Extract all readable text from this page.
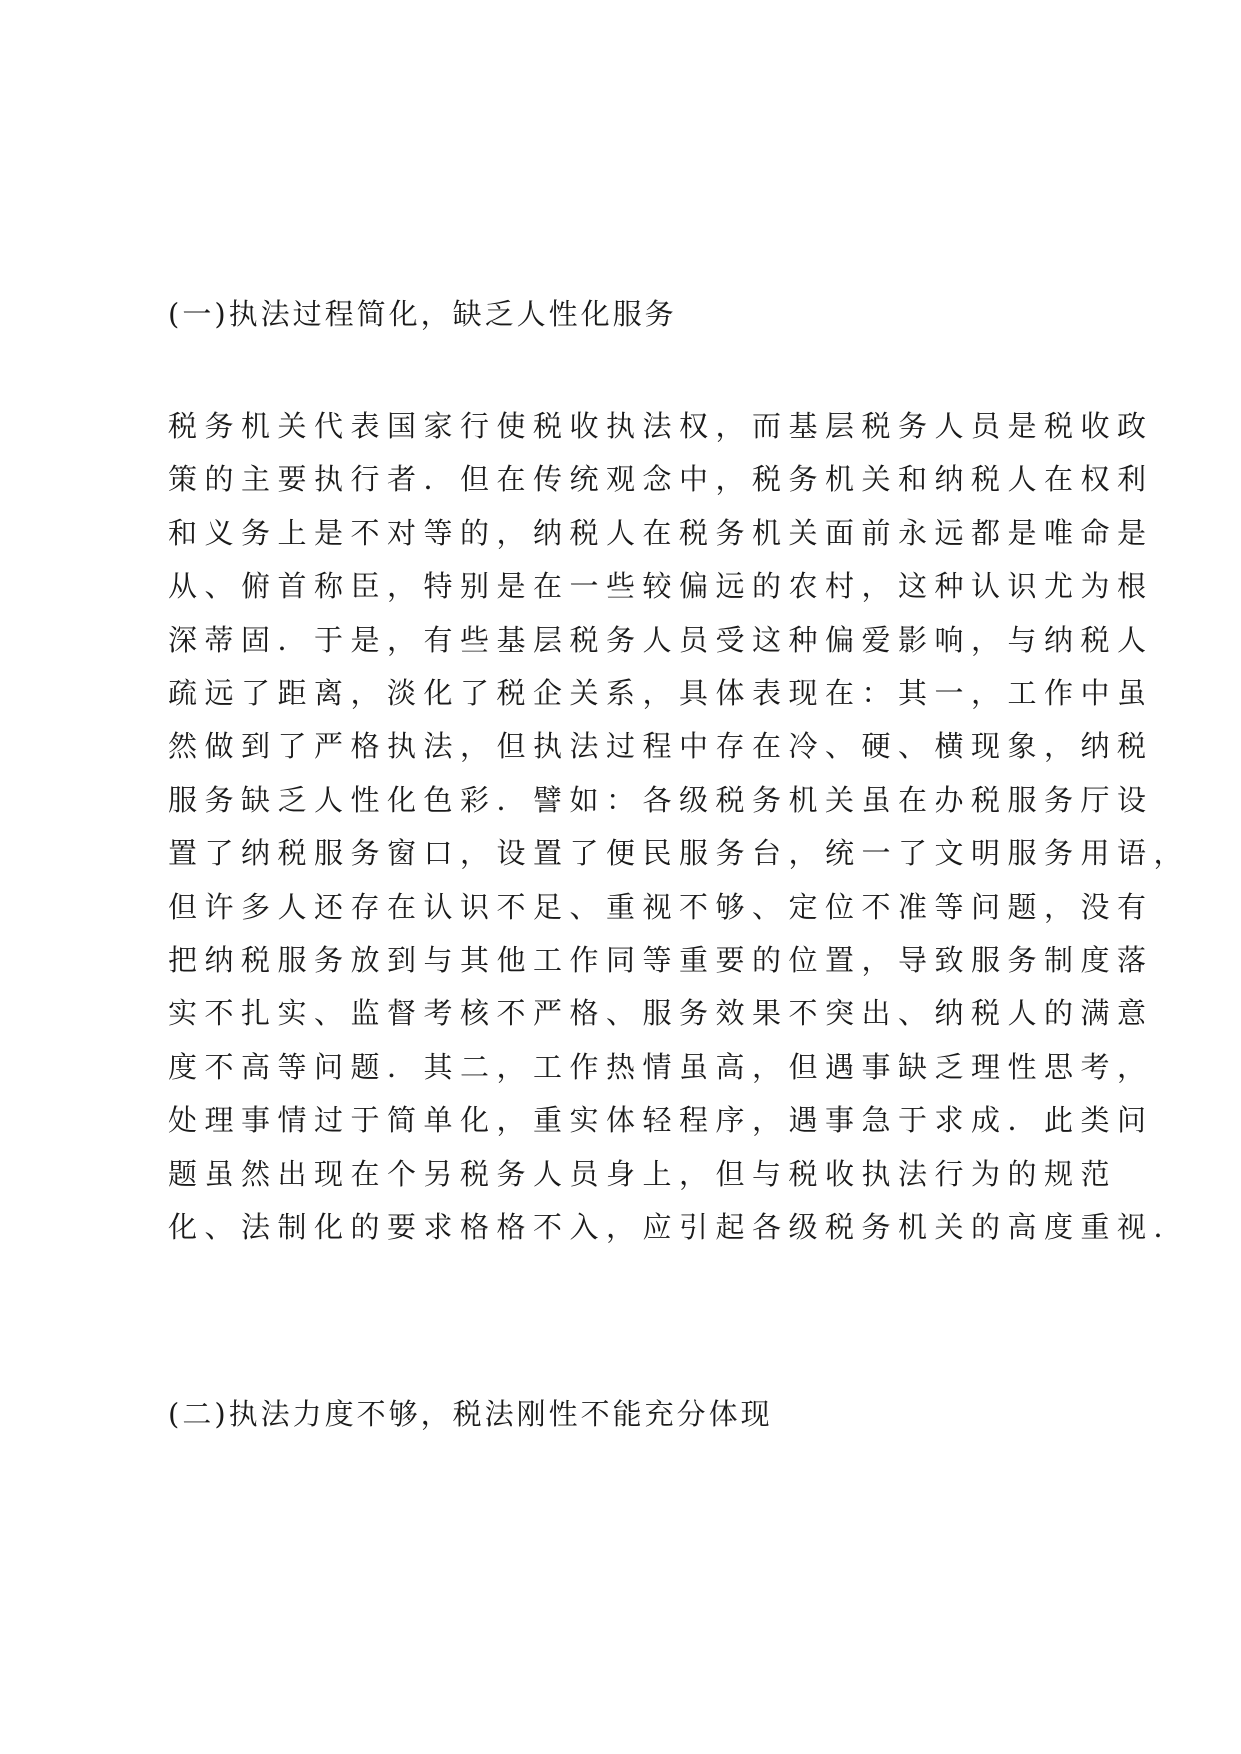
(一)执法过程简化，缺乏人性化服务
税务机关代表国家行使税收执法权，而基层税务人员是税收政
策的主要执行者．但在传统观念中，税务机关和纳税人在权利
和义务上是不对等的，纳税人在税务机关面前永远都是唯命是
从、俯首称臣，特别是在一些较偏远的农村，这种认识尤为根
深蒂固．于是，有些基层税务人员受这种偏爱影响，与纳税人
疏远了距离，淡化了税企关系，具体表现在：其一，工作中虽
然做到了严格执法，但执法过程中存在冷、硬、横现象，纳税
服务缺乏人性化色彩．譬如：各级税务机关虽在办税服务厅设
置了纳税服务窗口，设置了便民服务台，统一了文明服务用语，
但许多人还存在认识不足、重视不够、定位不准等问题，没有
把纳税服务放到与其他工作同等重要的位置，导致服务制度落
实不扎实、监督考核不严格、服务效果不突出、纳税人的满意
度不高等问题．其二，工作热情虽高，但遇事缺乏理性思考，
处理事情过于简单化，重实体轻程序，遇事急于求成．此类问
题虽然出现在个另税务人员身上，但与税收执法行为的规范
化、法制化的要求格格不入，应引起各级税务机关的高度重视．
(二)执法力度不够，税法刚性不能充分体现
